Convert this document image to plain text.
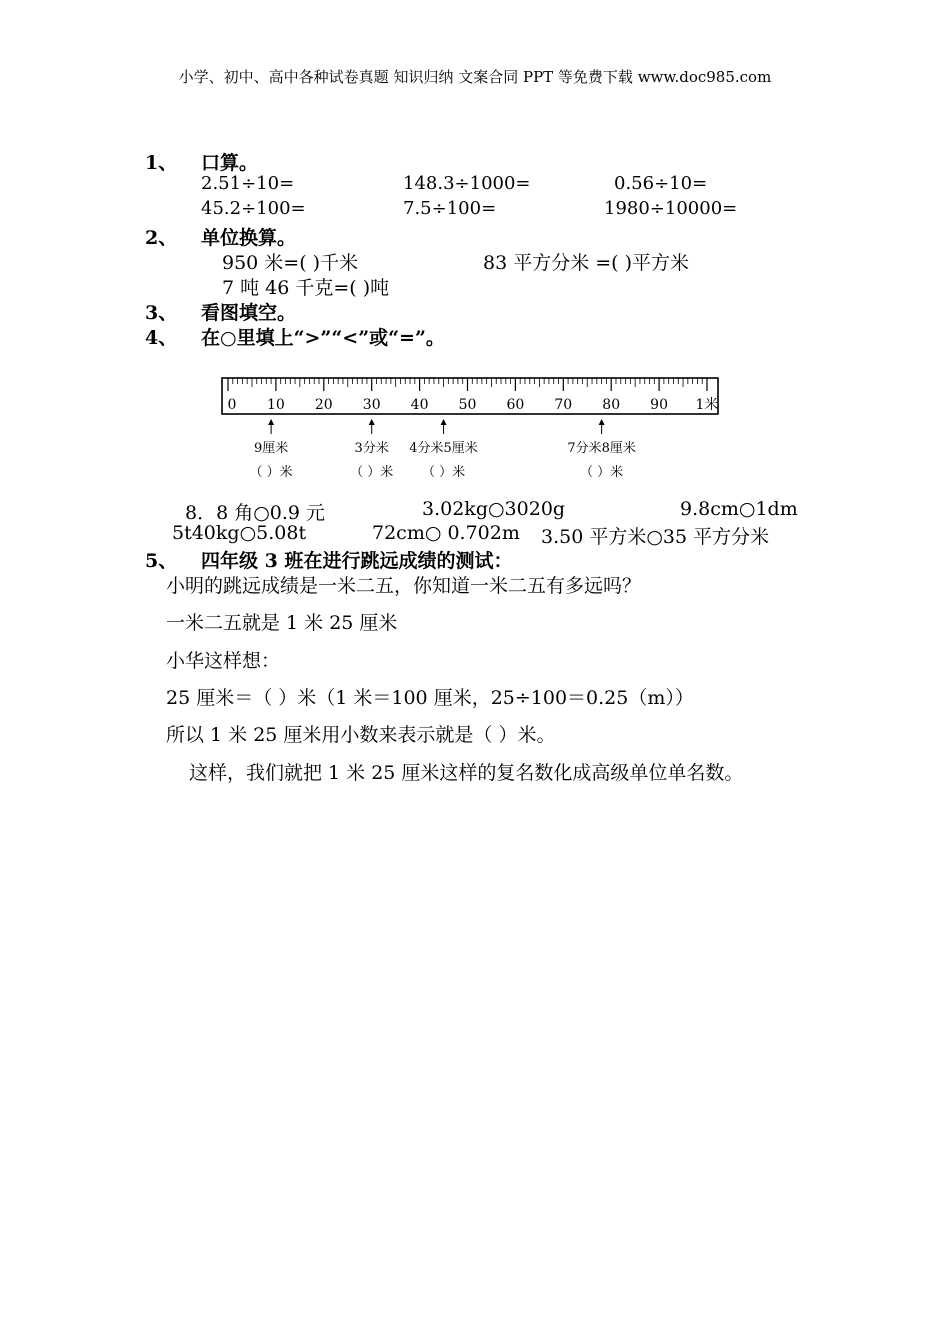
小学、初中、高中各种试卷真题 知识归纳 文案合同 PPT 等免费下载 www.doc985.com
1、 口算。
2.51÷10=	148.3÷1000=	0.56÷10=
45.2÷100=	7.5÷100=	1980÷10000=
2、 单位换算。
950 米=( )千米	83 平方分米 =( )平方米
7 吨 46 千克=( )吨
3、 看图填空。
4、 在○里填上“>”“<”或“=”。
0 10 20 30 40 50 60 70 80 90 1米
9厘米
（ ）米
3分米
（ ）米
4分米5厘米
（ ）米
7分米8厘米
（ ）米
8．8 角○0.9 元	3.02kg○3020g	9.8cm○1dm
5t40kg○5.08t	72cm○ 0.702m 3.50 平方米○35 平方分米
5、 四年级 3 班在进行跳远成绩的测试：
小明的跳远成绩是一米二五，你知道一米二五有多远吗？
一米二五就是 1 米 25 厘米
小华这样想：
25 厘米＝（ ）米（1 米＝100 厘米，25÷100＝0.25（m））
所以 1 米 25 厘米用小数来表示就是（ ）米。
这样，我们就把 1 米 25 厘米这样的复名数化成高级单位单名数。
